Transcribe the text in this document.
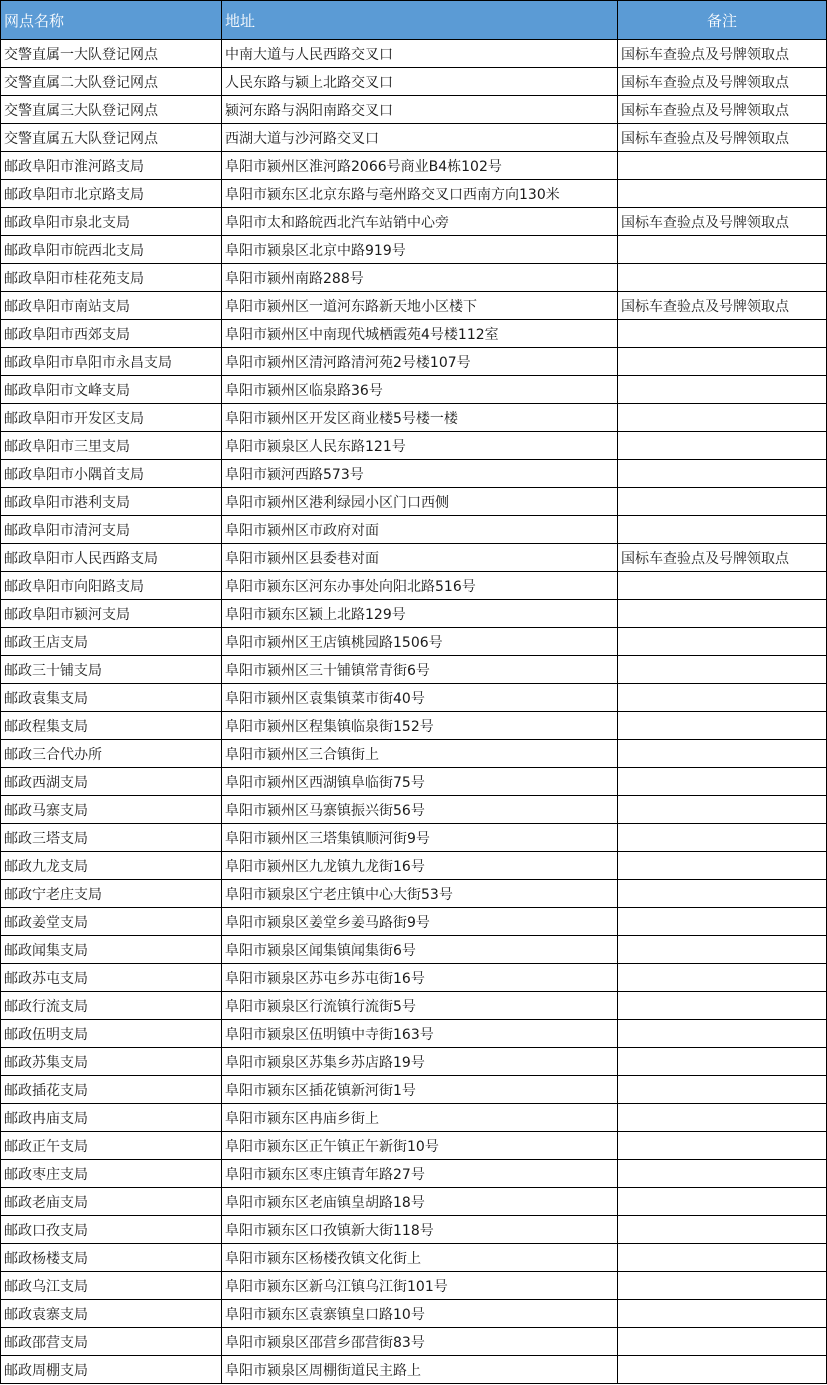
网点名称	地址	备注
交警直属一大队登记网点	中南大道与人民西路交叉口	国标车查验点及号牌领取点
交警直属二大队登记网点	人民东路与颍上北路交叉口	国标车查验点及号牌领取点
交警直属三大队登记网点	颍河东路与涡阳南路交叉口	国标车查验点及号牌领取点
交警直属五大队登记网点	西湖大道与沙河路交叉口	国标车查验点及号牌领取点
邮政阜阳市淮河路支局	阜阳市颍州区淮河路2066号商业B4栋102号	
邮政阜阳市北京路支局	阜阳市颍东区北京东路与亳州路交叉口西南方向130米	
邮政阜阳市泉北支局	阜阳市太和路皖西北汽车站销中心旁	国标车查验点及号牌领取点
邮政阜阳市皖西北支局	阜阳市颍泉区北京中路919号	
邮政阜阳市桂花苑支局	阜阳市颍州南路288号	
邮政阜阳市南站支局	阜阳市颍州区一道河东路新天地小区楼下	国标车查验点及号牌领取点
邮政阜阳市西郊支局	阜阳市颍州区中南现代城栖霞苑4号楼112室	
邮政阜阳市阜阳市永昌支局	阜阳市颍州区清河路清河苑2号楼107号	
邮政阜阳市文峰支局	阜阳市颍州区临泉路36号	
邮政阜阳市开发区支局	阜阳市颍州区开发区商业楼5号楼一楼	
邮政阜阳市三里支局	阜阳市颍泉区人民东路121号	
邮政阜阳市小隅首支局	阜阳市颍河西路573号	
邮政阜阳市港利支局	阜阳市颍州区港利绿园小区门口西侧	
邮政阜阳市清河支局	阜阳市颍州区市政府对面	
邮政阜阳市人民西路支局	阜阳市颍州区县委巷对面	国标车查验点及号牌领取点
邮政阜阳市向阳路支局	阜阳市颍东区河东办事处向阳北路516号	
邮政阜阳市颍河支局	阜阳市颍东区颍上北路129号	
邮政王店支局	阜阳市颍州区王店镇桃园路1506号	
邮政三十铺支局	阜阳市颍州区三十铺镇常青街6号	
邮政袁集支局	阜阳市颍州区袁集镇菜市街40号	
邮政程集支局	阜阳市颍州区程集镇临泉街152号	
邮政三合代办所	阜阳市颍州区三合镇街上	
邮政西湖支局	阜阳市颍州区西湖镇阜临街75号	
邮政马寨支局	阜阳市颍州区马寨镇振兴街56号	
邮政三塔支局	阜阳市颍州区三塔集镇顺河街9号	
邮政九龙支局	阜阳市颍州区九龙镇九龙街16号	
邮政宁老庄支局	阜阳市颍泉区宁老庄镇中心大街53号	
邮政姜堂支局	阜阳市颍泉区姜堂乡姜马路街9号	
邮政闻集支局	阜阳市颍泉区闻集镇闻集街6号	
邮政苏屯支局	阜阳市颍泉区苏屯乡苏屯街16号	
邮政行流支局	阜阳市颍泉区行流镇行流街5号	
邮政伍明支局	阜阳市颍泉区伍明镇中寺街163号	
邮政苏集支局	阜阳市颍泉区苏集乡苏店路19号	
邮政插花支局	阜阳市颍东区插花镇新河街1号	
邮政冉庙支局	阜阳市颍东区冉庙乡街上	
邮政正午支局	阜阳市颍东区正午镇正午新街10号	
邮政枣庄支局	阜阳市颍东区枣庄镇青年路27号	
邮政老庙支局	阜阳市颍东区老庙镇皇胡路18号	
邮政口孜支局	阜阳市颍东区口孜镇新大街118号	
邮政杨楼支局	阜阳市颍东区杨楼孜镇文化街上	
邮政乌江支局	阜阳市颍东区新乌江镇乌江街101号	
邮政袁寨支局	阜阳市颍东区袁寨镇皇口路10号	
邮政邵营支局	阜阳市颍泉区邵营乡邵营街83号	
邮政周棚支局	阜阳市颍泉区周棚街道民主路上	
